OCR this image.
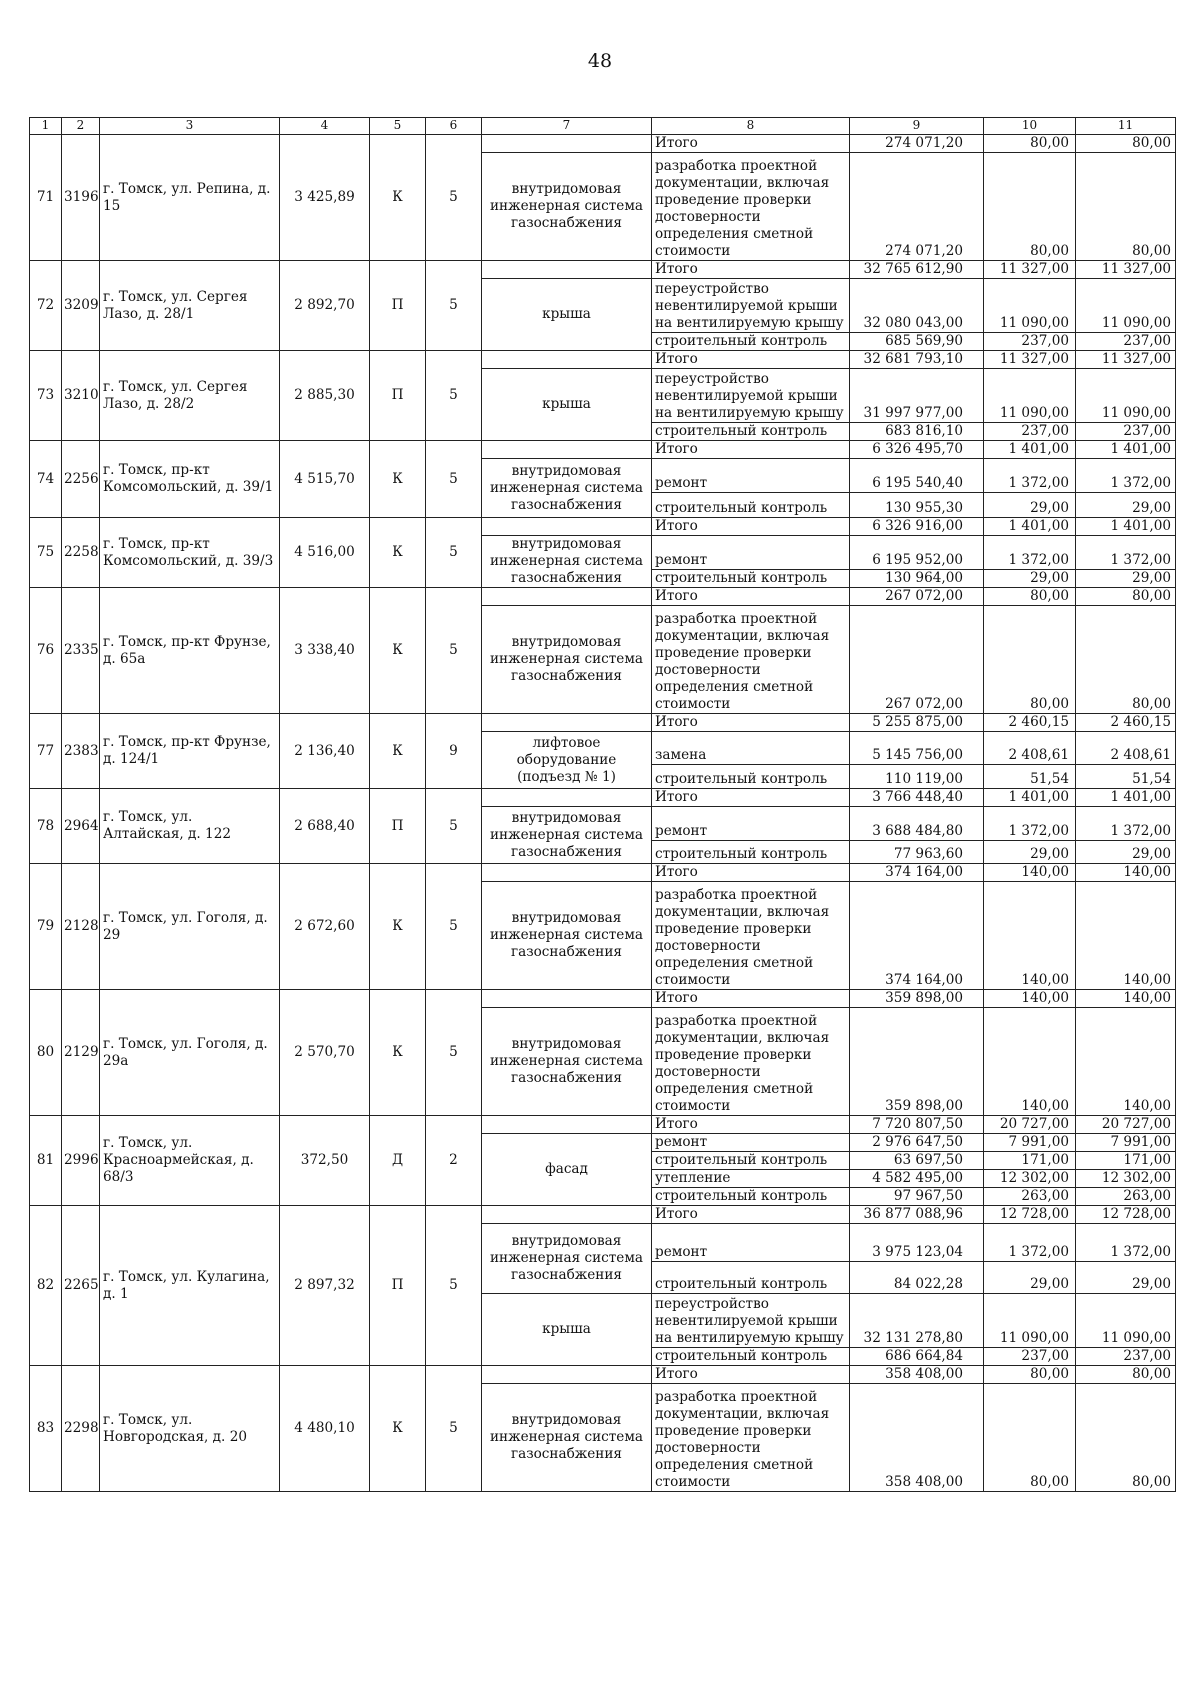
48
1	2	3	4	5	6	7	8	9	10	11
71	3196	г. Томск, ул. Репина, д. 15	3 425,89	К	5		Итого	274 071,20	80,00	80,00
						внутридомовая инженерная система газоснабжения	разработка проектной документации, включая проведение проверки достоверности определения сметной стоимости	274 071,20	80,00	80,00
72	3209	г. Томск, ул. Сергея Лазо, д. 28/1	2 892,70	П	5		Итого	32 765 612,90	11 327,00	11 327,00
						крыша	переустройство невентилируемой крыши на вентилируемую крышу	32 080 043,00	11 090,00	11 090,00
							строительный контроль	685 569,90	237,00	237,00
73	3210	г. Томск, ул. Сергея Лазо, д. 28/2	2 885,30	П	5		Итого	32 681 793,10	11 327,00	11 327,00
						крыша	переустройство невентилируемой крыши на вентилируемую крышу	31 997 977,00	11 090,00	11 090,00
							строительный контроль	683 816,10	237,00	237,00
74	2256	г. Томск, пр-кт Комсомольский, д. 39/1	4 515,70	К	5		Итого	6 326 495,70	1 401,00	1 401,00
						внутридомовая инженерная система газоснабжения	ремонт	6 195 540,40	1 372,00	1 372,00
							строительный контроль	130 955,30	29,00	29,00
75	2258	г. Томск, пр-кт Комсомольский, д. 39/3	4 516,00	К	5		Итого	6 326 916,00	1 401,00	1 401,00
						внутридомовая инженерная система газоснабжения	ремонт	6 195 952,00	1 372,00	1 372,00
							строительный контроль	130 964,00	29,00	29,00
76	2335	г. Томск, пр-кт Фрунзе, д. 65а	3 338,40	К	5		Итого	267 072,00	80,00	80,00
						внутридомовая инженерная система газоснабжения	разработка проектной документации, включая проведение проверки достоверности определения сметной стоимости	267 072,00	80,00	80,00
77	2383	г. Томск, пр-кт Фрунзе, д. 124/1	2 136,40	К	9		Итого	5 255 875,00	2 460,15	2 460,15
						лифтовое оборудование (подъезд № 1)	замена	5 145 756,00	2 408,61	2 408,61
							строительный контроль	110 119,00	51,54	51,54
78	2964	г. Томск, ул. Алтайская, д. 122	2 688,40	П	5		Итого	3 766 448,40	1 401,00	1 401,00
						внутридомовая инженерная система газоснабжения	ремонт	3 688 484,80	1 372,00	1 372,00
							строительный контроль	77 963,60	29,00	29,00
79	2128	г. Томск, ул. Гоголя, д. 29	2 672,60	К	5		Итого	374 164,00	140,00	140,00
						внутридомовая инженерная система газоснабжения	разработка проектной документации, включая проведение проверки достоверности определения сметной стоимости	374 164,00	140,00	140,00
80	2129	г. Томск, ул. Гоголя, д. 29а	2 570,70	К	5		Итого	359 898,00	140,00	140,00
						внутридомовая инженерная система газоснабжения	разработка проектной документации, включая проведение проверки достоверности определения сметной стоимости	359 898,00	140,00	140,00
81	2996	г. Томск, ул. Красноармейская, д. 68/3	372,50	Д	2		Итого	7 720 807,50	20 727,00	20 727,00
						фасад	ремонт	2 976 647,50	7 991,00	7 991,00
							строительный контроль	63 697,50	171,00	171,00
							утепление	4 582 495,00	12 302,00	12 302,00
							строительный контроль	97 967,50	263,00	263,00
82	2265	г. Томск, ул. Кулагина, д. 1	2 897,32	П	5		Итого	36 877 088,96	12 728,00	12 728,00
						внутридомовая инженерная система газоснабжения	ремонт	3 975 123,04	1 372,00	1 372,00
							строительный контроль	84 022,28	29,00	29,00
						крыша	переустройство невентилируемой крыши на вентилируемую крышу	32 131 278,80	11 090,00	11 090,00
							строительный контроль	686 664,84	237,00	237,00
83	2298	г. Томск, ул. Новгородская, д. 20	4 480,10	К	5		Итого	358 408,00	80,00	80,00
						внутридомовая инженерная система газоснабжения	разработка проектной документации, включая проведение проверки достоверности определения сметной стоимости	358 408,00	80,00	80,00
